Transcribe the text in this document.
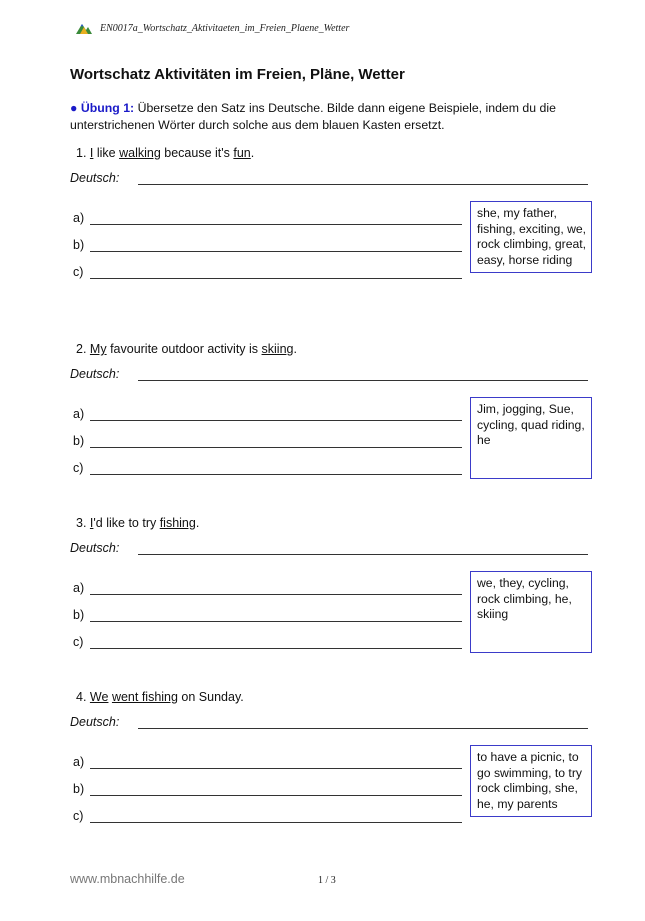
EN0017a_Wortschatz_Aktivitaeten_im_Freien_Plaene_Wetter
Wortschatz Aktivitäten im Freien, Pläne, Wetter

● Übung 1: Übersetze den Satz ins Deutsche. Bilde dann eigene Beispiele, indem du die unterstrichenen Wörter durch solche aus dem blauen Kasten ersetzt.

1. I like walking because it's fun.

Deutsch:
a)
b)
c)
she, my father, fishing, exciting, we, rock climbing, great, easy, horse riding

2. My favourite outdoor activity is skiing.

Deutsch:
a)
b)
c)
Jim, jogging, Sue, cycling, quad riding, he

3. I'd like to try fishing.

Deutsch:
a)
b)
c)
we, they, cycling, rock climbing, he, skiing

4. We went fishing on Sunday.

Deutsch:
a)
b)
c)
to have a picnic, to go swimming, to try rock climbing, she, he, my parents
www.mbnachhilfe.de	1 / 3
